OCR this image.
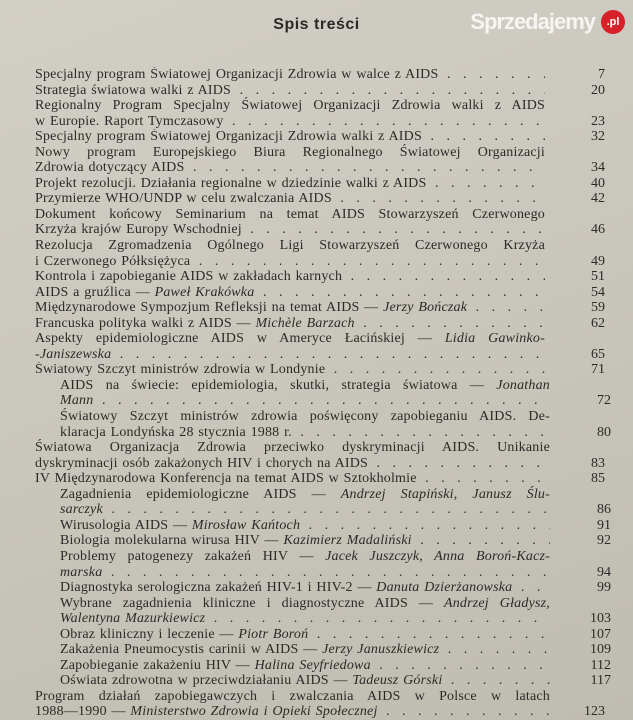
Spis treści
Specjalny program Światowej Organizacji Zdrowia w walce z AIDS . . .	7
Strategia światowa walki z AIDS . . .	20
Regionalny Program Specjalny Światowej Organizacji Zdrowia walki z AIDS
w Europie. Raport Tymczasowy . . .	23
Specjalny program Światowej Organizacji Zdrowia walki z AIDS . . .	32
Nowy program Europejskiego Biura Regionalnego Światowej Organizacji
Zdrowia dotyczący AIDS . . .	34
Projekt rezolucji. Działania regionalne w dziedzinie walki z AIDS . . .	40
Przymierze WHO/UNDP w celu zwalczania AIDS . . .	42
Dokument końcowy Seminarium na temat AIDS Stowarzyszeń Czerwonego
Krzyża krajów Europy Wschodniej . . .	46
Rezolucja Zgromadzenia Ogólnego Ligi Stowarzyszeń Czerwonego Krzyża
i Czerwonego Półksiężyca . . .	49
Kontrola i zapobieganie AIDS w zakładach karnych . . .	51
AIDS a gruźlica — Paweł Krakówka . . .	54
Międzynarodowe Sympozjum Refleksji na temat AIDS — Jerzy Bończak . . .	59
Francuska polityka walki z AIDS — Michèle Barzach . . .	62
Aspekty epidemiologiczne AIDS w Ameryce Łacińskiej — Lidia Gawinko-
-Janiszewska . . .	65
Światowy Szczyt ministrów zdrowia w Londynie . . .	71
AIDS na świecie: epidemiologia, skutki, strategia światowa — Jonathan
Mann . . .	72
Światowy Szczyt ministrów zdrowia poświęcony zapobieganiu AIDS. De-
klaracja Londyńska 28 stycznia 1988 r. . . .	80
Światowa Organizacja Zdrowia przeciwko dyskryminacji AIDS. Unikanie
dyskryminacji osób zakażonych HIV i chorych na AIDS . . .	83
IV Międzynarodowa Konferencja na temat AIDS w Sztokholmie . . .	85
Zagadnienia epidemiologiczne AIDS — Andrzej Stapiński, Janusz Ślu-
sarczyk . . .	86
Wirusologia AIDS — Mirosław Kańtoch . . .	91
Biologia molekularna wirusa HIV — Kazimierz Madaliński . . .	92
Problemy patogenezy zakażeń HIV — Jacek Juszczyk, Anna Boroń-Kacz-
marska . . .	94
Diagnostyka serologiczna zakażeń HIV-1 i HIV-2 — Danuta Dzierżanowska . . .	99
Wybrane zagadnienia kliniczne i diagnostyczne AIDS — Andrzej Gładysz,
Walentyna Mazurkiewicz . . .	103
Obraz kliniczny i leczenie — Piotr Boroń . . .	107
Zakażenia Pneumocystis carinii w AIDS — Jerzy Januszkiewicz . . .	109
Zapobieganie zakażeniu HIV — Halina Seyfriedowa . . .	112
Oświata zdrowotna w przeciwdziałaniu AIDS — Tadeusz Górski . . .	117
Program działań zapobiegawczych i zwalczania AIDS w Polsce w latach
1988—1990 — Ministerstwo Zdrowia i Opieki Społecznej . . .	123
Sprzedajemy	.pl
